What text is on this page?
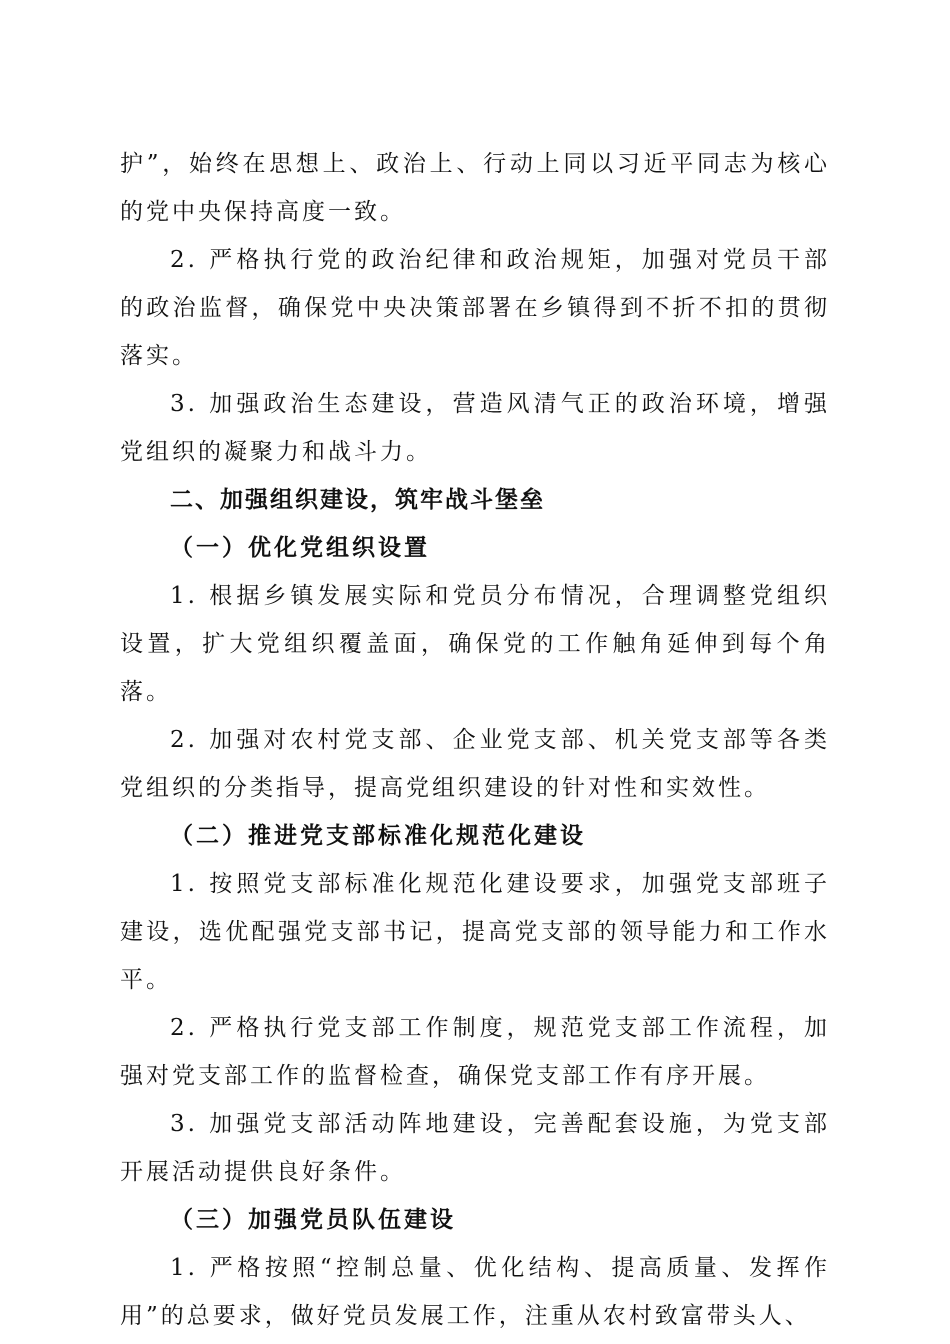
护”，始终在思想上、政治上、行动上同以习近平同志为核心的党中央保持高度一致。

2. 严格执行党的政治纪律和政治规矩，加强对党员干部的政治监督，确保党中央决策部署在乡镇得到不折不扣的贯彻落实。

3. 加强政治生态建设，营造风清气正的政治环境，增强党组织的凝聚力和战斗力。

二、加强组织建设，筑牢战斗堡垒

（一）优化党组织设置

1. 根据乡镇发展实际和党员分布情况，合理调整党组织设置，扩大党组织覆盖面，确保党的工作触角延伸到每个角落。

2. 加强对农村党支部、企业党支部、机关党支部等各类党组织的分类指导，提高党组织建设的针对性和实效性。

（二）推进党支部标准化规范化建设

1. 按照党支部标准化规范化建设要求，加强党支部班子建设，选优配强党支部书记，提高党支部的领导能力和工作水平。

2. 严格执行党支部工作制度，规范党支部工作流程，加强对党支部工作的监督检查，确保党支部工作有序开展。

3. 加强党支部活动阵地建设，完善配套设施，为党支部开展活动提供良好条件。

（三）加强党员队伍建设

1. 严格按照“控制总量、优化结构、提高质量、发挥作用”的总要求，做好党员发展工作，注重从农村致富带头人、
